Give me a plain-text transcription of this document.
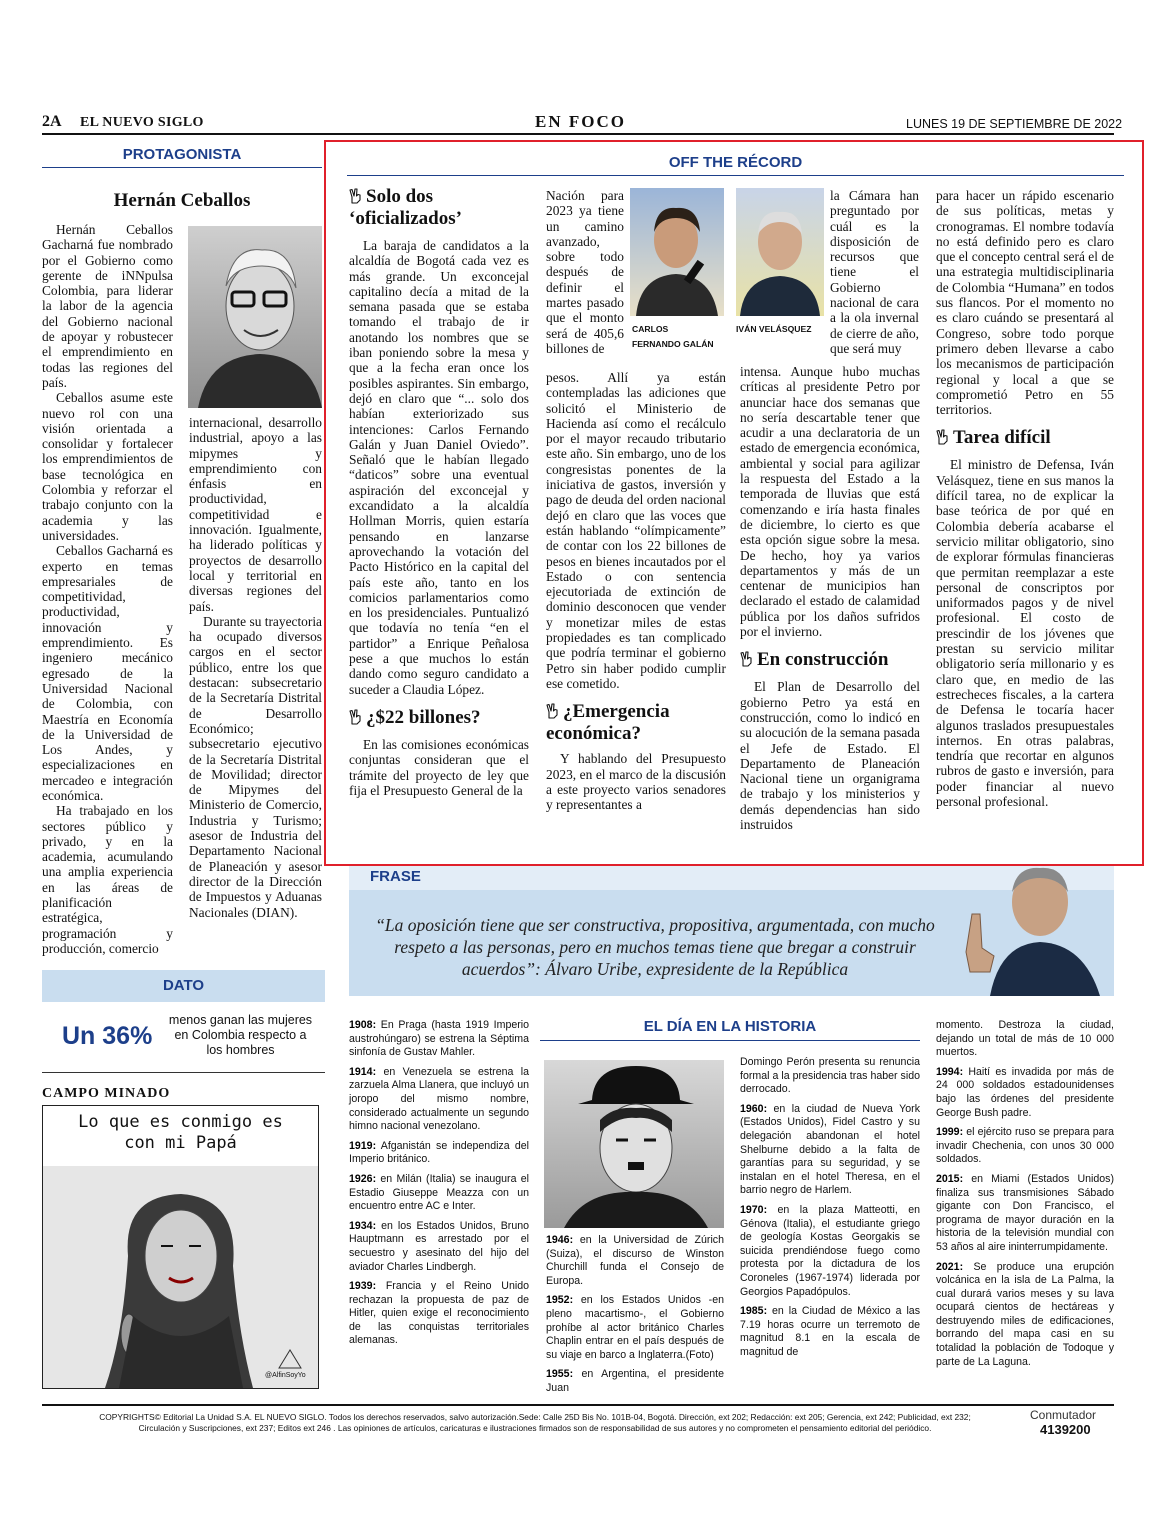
2A EL NUEVO SIGLO	EN FOCO	LUNES 19 DE SEPTIEMBRE DE 2022
PROTAGONISTA
Hernán Ceballos

Hernán Ceballos Gacharná fue nombrado por el Gobierno como gerente de iNNpulsa Colombia, para liderar la labor de la agencia del Gobierno nacional de apoyar y robustecer el emprendimiento en todas las regiones del país.

Ceballos asume este nuevo rol con una visión orientada a consolidar y fortalecer los emprendimientos de base tecnológica en Colombia y reforzar el trabajo conjunto con la academia y las universidades.

Ceballos Gacharná es experto en temas empresariales de competitividad, productividad, innovación y emprendimiento. Es ingeniero mecánico egresado de la Universidad Nacional de Colombia, con Maestría en Economía de la Universidad de Los Andes, y especializaciones en mercadeo e integración económica.

Ha trabajado en los sectores público y privado, y en la academia, acumulando una amplia experiencia en las áreas de planificación estratégica, programación y producción, comercio

internacional, desarrollo industrial, apoyo a las mipymes y emprendimiento con énfasis en productividad, competitividad e innovación. Igualmente, ha liderado políticas y proyectos de desarrollo local y territorial en diversas regiones del país.

Durante su trayectoria ha ocupado diversos cargos en el sector público, entre los que destacan: subsecretario de la Secretaría Distrital de Desarrollo Económico; subsecretario ejecutivo de la Secretaría Distrital de Movilidad; director de Mipymes del Ministerio de Comercio, Industria y Turismo; asesor de Industria del Departamento Nacional de Planeación y asesor director de la Dirección de Impuestos y Aduanas Nacionales (DIAN).

DATO
Un 36%
menos ganan las mujeres en Colombia respecto a los hombres
CAMPO MINADO
Lo que es conmigo es con mi Papá
@AlfinSoyYo
OFF THE RÉCORD
Solo dos ‘oficializados’

La baraja de candidatos a la alcaldía de Bogotá cada vez es más grande. Un exconcejal capitalino decía a mitad de la semana pasada que se estaba tomando el trabajo de ir anotando los nombres que se iban poniendo sobre la mesa y que a la fecha eran once los posibles aspirantes. Sin embargo, dejó en claro que “... solo dos habían exteriorizado sus intenciones: Carlos Fernando Galán y Juan Daniel Oviedo”. Señaló que le habían llegado “daticos” sobre una eventual aspiración del exconcejal y excandidato a la alcaldía Hollman Morris, quien estaría pensando en lanzarse aprovechando la votación del Pacto Histórico en la capital del país este año, tanto en los comicios parlamentarios como en los presidenciales. Puntualizó que todavía no tenía “en el partidor” a Enrique Peñalosa pese a que muchos lo están dando como seguro candidato a suceder a Claudia López.

¿$22 billones?

En las comisiones económicas conjuntas consideran que el trámite del proyecto de ley que fija el Presupuesto General de la

Nación para 2023 ya tiene un camino avanzado, sobre todo después de definir el martes pasado que el monto será de 405,6 billones de

CARLOS
FERNANDO GALÁN

pesos. Allí ya están contempladas las adiciones que solicitó el Ministerio de Hacienda así como el recálculo por el mayor recaudo tributario este año. Sin embargo, uno de los congresistas ponentes de la iniciativa de gastos, inversión y pago de deuda del orden nacional dejó en claro que las voces que están hablando “olímpicamente” de contar con los 22 billones de pesos en bienes incautados por el Estado o con sentencia ejecutoriada de extinción de dominio desconocen que vender y monetizar miles de estas propiedades es tan complicado que podría terminar el gobierno Petro sin haber podido cumplir ese cometido.

¿Emergencia económica?

Y hablando del Presupuesto 2023, en el marco de la discusión a este proyecto varios senadores y representantes a

IVÁN VELÁSQUEZ

la Cámara han preguntado por cuál es la disposición de recursos que tiene el Gobierno nacional de cara a la ola invernal de cierre de año, que será muy

intensa. Aunque hubo muchas críticas al presidente Petro por anunciar hace dos semanas que no sería descartable tener que acudir a una declaratoria de un estado de emergencia económica, ambiental y social para agilizar la respuesta del Estado a la temporada de lluvias que está comenzando e iría hasta finales de diciembre, lo cierto es que esta opción sigue sobre la mesa. De hecho, hoy ya varios departamentos y más de un centenar de municipios han declarado el estado de calamidad pública por los daños sufridos por el invierno.

En construcción

El Plan de Desarrollo del gobierno Petro ya está en construcción, como lo indicó en su alocución de la semana pasada el Jefe de Estado. El Departamento de Planeación Nacional tiene un organigrama de trabajo y los ministerios y demás dependencias han sido instruidos

para hacer un rápido escenario de sus políticas, metas y cronogramas. El nombre todavía no está definido pero es claro que el concepto central será el de una estrategia multidisciplinaria de Colombia “Humana” en todos sus flancos. Por el momento no es claro cuándo se presentará al Congreso, sobre todo porque primero deben llevarse a cabo los mecanismos de participación regional y local a que se comprometió Petro en 55 territorios.

Tarea difícil

El ministro de Defensa, Iván Velásquez, tiene en sus manos la difícil tarea, no de explicar la base teórica de por qué en Colombia debería acabarse el servicio militar obligatorio, sino de explorar fórmulas financieras que permitan reemplazar a este personal de conscriptos por uniformados pagos y de nivel profesional. El costo de prescindir de los jóvenes que prestan su servicio militar obligatorio sería millonario y es claro que, en medio de las estrecheces fiscales, a la cartera de Defensa le tocaría hacer algunos traslados presupuestales internos. En otras palabras, tendría que recortar en algunos rubros de gasto e inversión, para poder financiar al nuevo personal profesional.

FRASE
“La oposición tiene que ser constructiva, propositiva, argumentada, con mucho respeto a las personas, pero en muchos temas tiene que bregar a construir acuerdos”: Álvaro Uribe, expresidente de la República
EL DÍA EN LA HISTORIA

1908: En Praga (hasta 1919 Imperio austrohúngaro) se estrena la Séptima sinfonía de Gustav Mahler.

1914: en Venezuela se estrena la zarzuela Alma Llanera, que incluyó un joropo del mismo nombre, considerado actualmente un segundo himno nacional venezolano.

1919: Afganistán se independiza del Imperio británico.

1926: en Milán (Italia) se inaugura el Estadio Giuseppe Meazza con un encuentro entre AC e Inter.

1934: en los Estados Unidos, Bruno Hauptmann es arrestado por el secuestro y asesinato del hijo del aviador Charles Lindbergh.

1939: Francia y el Reino Unido rechazan la propuesta de paz de Hitler, quien exige el reconocimiento de las conquistas territoriales alemanas.

1946: en la Universidad de Zúrich (Suiza), el discurso de Winston Churchill funda el Consejo de Europa.

1952: en los Estados Unidos -en pleno macartismo-, el Gobierno prohíbe al actor británico Charles Chaplin entrar en el país después de su viaje en barco a Inglaterra.(Foto)

1955: en Argentina, el presidente Juan

Domingo Perón presenta su renuncia formal a la presidencia tras haber sido derrocado.

1960: en la ciudad de Nueva York (Estados Unidos), Fidel Castro y su delegación abandonan el hotel Shelburne debido a la falta de garantías para su seguridad, y se instalan en el hotel Theresa, en el barrio negro de Harlem.

1970: en la plaza Matteotti, en Génova (Italia), el estudiante griego de geología Kostas Georgakis se suicida prendiéndose fuego como protesta por la dictadura de los Coroneles (1967-1974) liderada por Georgios Papadópulos.

1985: en la Ciudad de México a las 7.19 horas ocurre un terremoto de magnitud 8.1 en la escala de magnitud de

momento. Destroza la ciudad, dejando un total de más de 10 000 muertos.

1994: Haití es invadida por más de 24 000 soldados estadounidenses bajo las órdenes del presidente George Bush padre.

1999: el ejército ruso se prepara para invadir Chechenia, con unos 30 000 soldados.

2015: en Miami (Estados Unidos) finaliza sus transmisiones Sábado gigante con Don Francisco, el programa de mayor duración en la historia de la televisión mundial con 53 años al aire ininterrumpidamente.

2021: Se produce una erupción volcánica en la isla de La Palma, la cual durará varios meses y su lava ocupará cientos de hectáreas y destruyendo miles de edificaciones, borrando del mapa casi en su totalidad la población de Todoque y parte de La Laguna.

COPYRIGHTS© Editorial La Unidad S.A. EL NUEVO SIGLO. Todos los derechos reservados, salvo autorización.Sede: Calle 25D Bis No. 101B-04, Bogotá. Dirección, ext 202; Redacción: ext 205; Gerencia, ext 242; Publicidad, ext 232;
Circulación y Suscripciones, ext 237; Editos ext 246 . Las opiniones de artículos, caricaturas e ilustraciones firmados son de responsabilidad de sus autores y no comprometen el pensamiento editorial del periódico.
Conmutador
4139200
